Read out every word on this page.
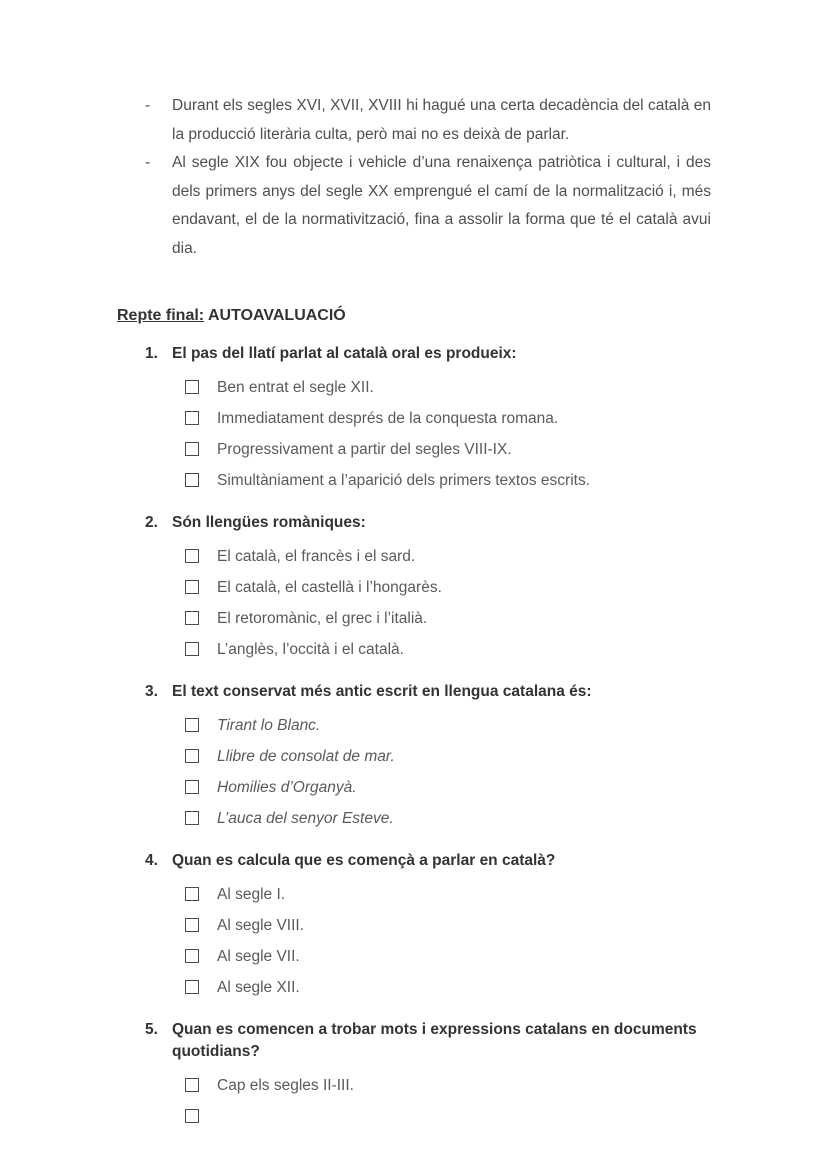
-	Durant els segles XVI, XVII, XVIII hi hagué una certa decadència del català en la producció literària culta, però mai no es deixà de parlar.
-	Al segle XIX fou objecte i vehicle d’una renaixença patriòtica i cultural, i des dels primers anys del segle XX emprengué el camí de la normalització i, més endavant, el de la normativització, fina a assolir la forma que té el català avui dia.
Repte final: AUTOAVALUACIÓ
1. El pas del llatí parlat al català oral es produeix:
Ben entrat el segle XII.
Immediatament després de la conquesta romana.
Progressivament a partir del segles VIII-IX.
Simultàniament a l’aparició dels primers textos escrits.
2. Són llengües romàniques:
El català, el francès i el sard.
El català, el castellà i l’hongarès.
El retoromànic, el grec i l’italià.
L’anglès, l’occità i el català.
3. El text conservat més antic escrit en llengua catalana és:
Tirant lo Blanc.
Llibre de consolat de mar.
Homilies d’Organyà.
L’auca del senyor Esteve.
4. Quan es calcula que es començà a parlar en català?
Al segle I.
Al segle VIII.
Al segle VII.
Al segle XII.
5. Quan es comencen a trobar mots i expressions catalans en documents quotidians?
Cap els segles II-III.
